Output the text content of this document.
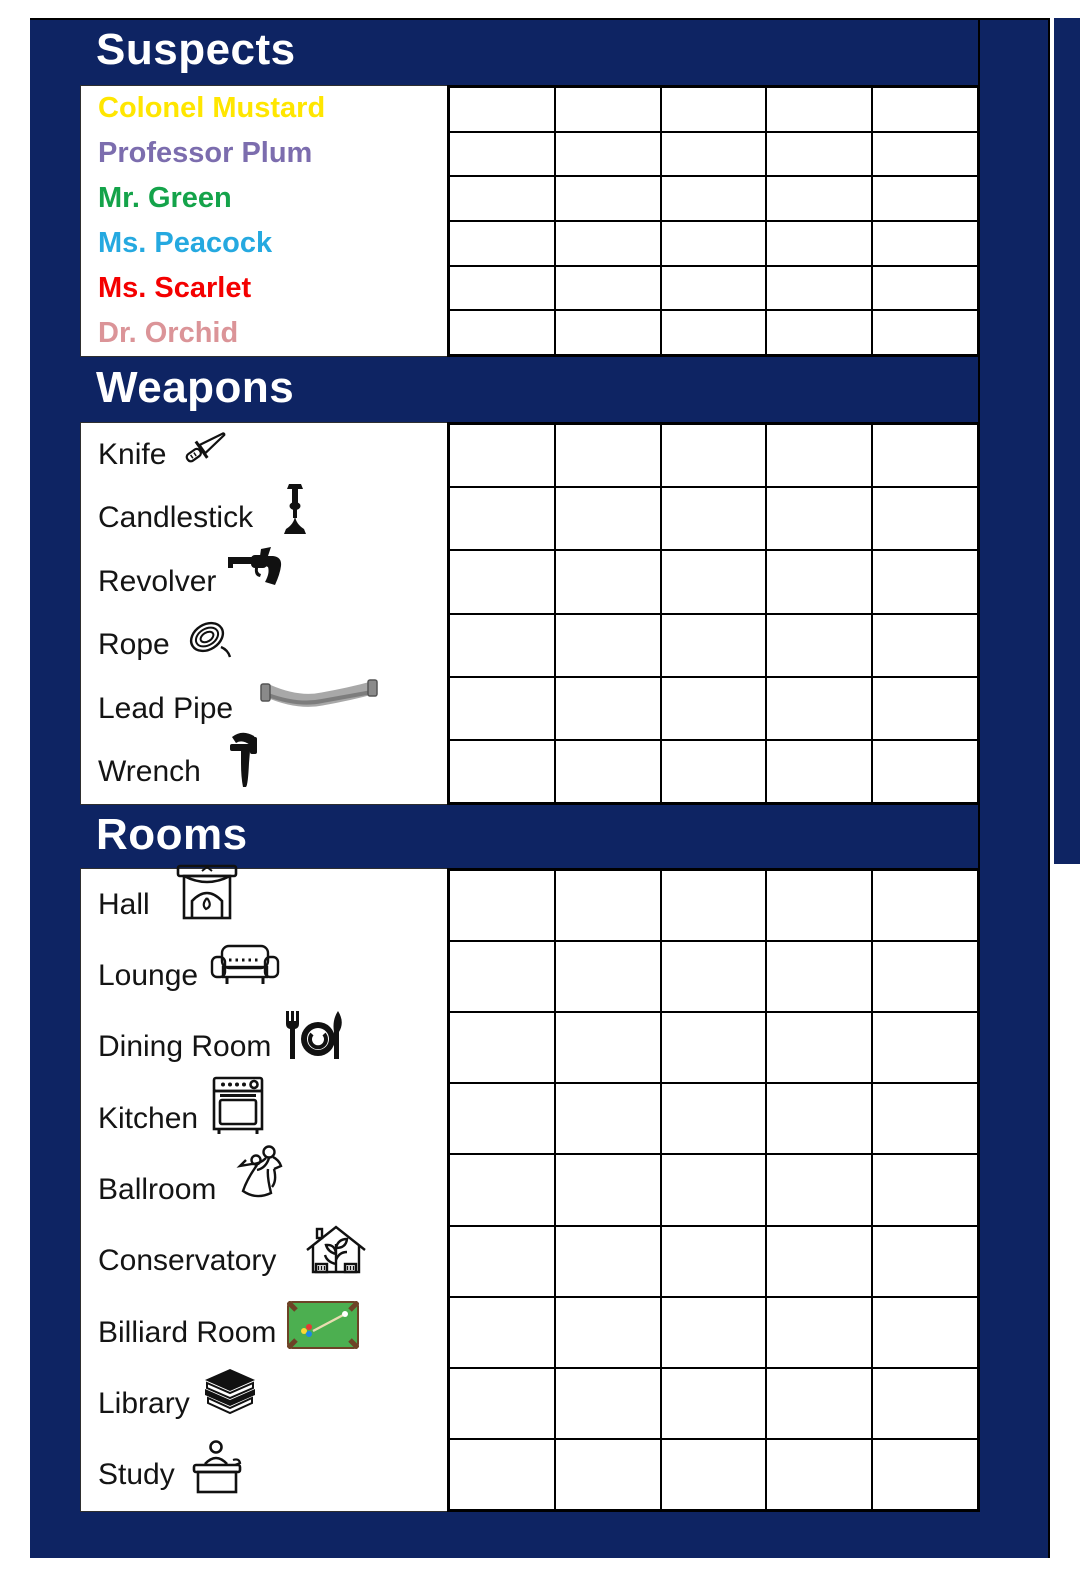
Suspects
Colonel Mustard
Professor Plum
Mr. Green
Ms. Peacock
Ms. Scarlet
Dr. Orchid
Weapons
Knife
Candlestick
Revolver
Rope
Lead Pipe
Wrench
Rooms
Hall
Lounge
Dining Room
Kitchen
Ballroom
Conservatory
Billiard Room
Library
Study
